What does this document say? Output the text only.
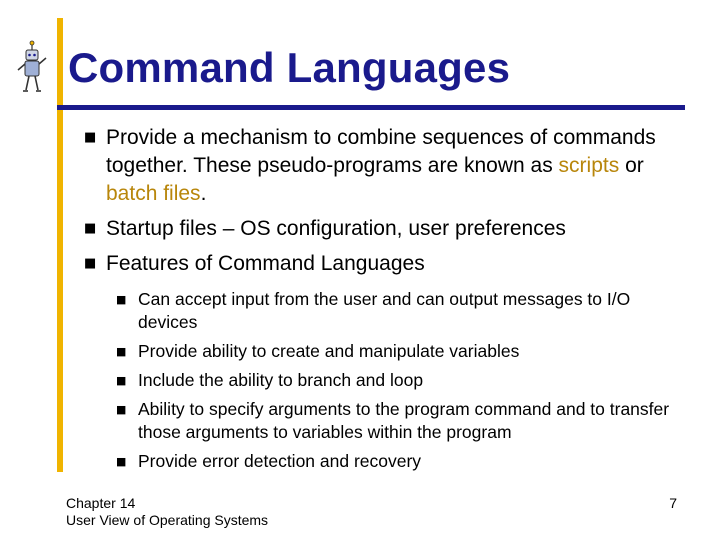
Command Languages
■ Provide a mechanism to combine sequences of commands together. These pseudo-programs are known as scripts or batch files.
■ Startup files – OS configuration, user preferences
■ Features of Command Languages
■ Can accept input from the user and can output messages to I/O devices
■ Provide ability to create and manipulate variables
■ Include the ability to branch and loop
■ Ability to specify arguments to the program command and to transfer those arguments to variables within the program
■ Provide error detection and recovery
Chapter 14
User View of Operating Systems
7
